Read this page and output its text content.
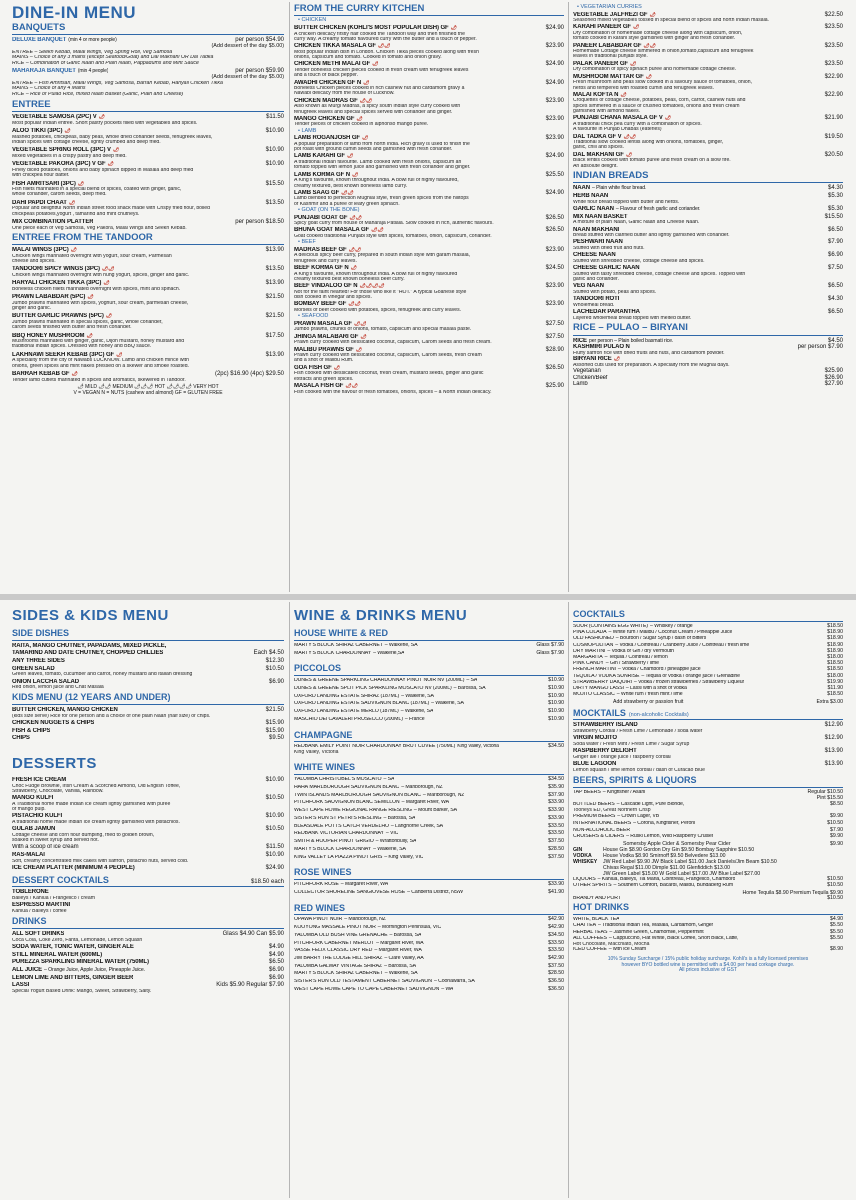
DINE-IN MENU
BANQUETS
DELUXE BANQUET (min 4 or more people)	per person $54.90
(Add dessert of the day $5.00)
ENTRÉE – Seekh Kebab, Malai Wings, Veg Spring Roll, Veg Samosa
MAINS – Choice of any 3 mains (except Seafood/Goat) and Dal Makhani OR Dal Tadka
RICE – Combination of Garlic Naan and Plain Naan, Pappadums and Mint Sauce
MAHARAJA BANQUET (min 4 people)	per person $59.90
(Add dessert of the day $5.00)
ENTRÉE – Fish Amritsari, Malai Wings, Veg Samosa, Barrah Kebab, Hariyali Chicken Tikka
MAINS – Choice of any 4 Mains
RICE – Rice or Pulao Rice, mixed Naan Basket (Garlic, Plain and Cheese)
ENTREE
VEGETABLE SAMOSA (2PC) V 🌶	$11.50
Most popular Indian entrée. Short pastry pockets filled with vegetables and spices.
ALOO TIKKI (3PC) 🌶	$10.90
Mashed potatoes, chickpeas, baby peas, whole dried coriander seeds, fenugreek leaves,
Indian spices with cottage cheese, lightly crumbed and deep fried.
VEGETABLE SPRING ROLL (3PC) V 🌶	$10.90
Mixed vegetables in a crispy pastry and deep fried.
VEGETABLE PAKORA (3PC) V GF 🌶	$10.90
Finely diced potatoes, onions and baby spinach dipped in Masala and deep fried
with chickpea flour batter.
FISH AMRITSARI (3PC) 🌶	$15.50
Fish fillets marinated in a special blend of spices, coated with ginger, garlic,
whole coriander, carom seeds, deep fried.
DAHI PAPDI CHAAT 🌶	$13.50
Popular and delightful North Indian street food snack made with Crispy fried flour, boiled
chickpeas potatoes,yogurt , tamarind and mint chutneys.
MIX COMBINATION PLATTER	per person $18.50
One piece each of Veg Samosa, Veg Pakora, Malai Wings and Seekh Kebab.
ENTREE FROM THE TANDOOR
MALAI WINGS (3PC) 🌶	$13.90
Chicken wings marinated overnight with yogurt, sour cream, Parmesan
cheese and spices.
TANDOORI SPICY WINGS (3PC) 🌶🌶	$13.50
Chicken wings marinated overnight with hung yogurt, spices, ginger and garlic.
HARYALI CHICKEN TIKKA (3PC) 🌶	$13.90
Boneless chicken fillets marinated overnight with spices, mint and spinach.
PRAWN LABABDAR (5PC) 🌶	$21.50
Jumbo prawns marinated with spices, yoghurt, sour cream, parmesan cheese,
ginger and garlic.
BUTTER GARLIC PRAWNS (5PC) 🌶	$21.50
Jumbo prawns marinated in special spices, garlic, whole coriander,
carom seeds finished with butter and fresh coriander.
BBQ HONEY MUSHROOM 🌶	$17.50
Mushrooms marinated with ginger, garlic, Dijon mustard, honey mustard and
traditional Indian spices. Dressed with honey and BBQ sauce.
LAKHNAWI SEEKH KEBAB (3PC) GF 🌶	$13.90
A speciality from the city of Nawabs LUCKNOW. Lamb and chicken mince with
onions, green spices and mint flakes pressed on a skewer and smoke roasted.
BARRAH KEBAB GF 🌶	(2pc) $16.90 (4pc) $29.50
Tender lamb cutlets marinated in spices and aromatics, skewered in Tandoor.
🌶 MILD 🌶🌶 MEDIUM 🌶🌶🌶 HOT 🌶🌶🌶🌶 VERY HOT
V = VEGAN N = NUTS (cashew and almond) GF = GLUTEN FREE
FROM THE CURRY KITCHEN
• CHICKEN
BUTTER CHICKEN (KOHLI'S MOST POPULAR DISH) GF 🌶	$24.90
A chicken delicacy firstly half cooked the Tandoori way and then finished the
curry way. A creamy tomato flavoured curry with the butter and a touch of pepper.
CHICKEN TIKKA MASALA GF 🌶🌶	$23.90
Most popular Indian dish in London. Chicken Tikka pieces cooked along with fresh
onions, capsicum and tomato. Cooked in tomato and onion gravy.
CHICKEN METHI MALAI GF 🌶	$24.90
Tender boneless chicken pieces cooked in fresh cream with fenugreek leaves
and a touch of black pepper.
AWADHI CHICKEN GF N 🌶	$24.90
Boneless Chicken pieces cooked in rich cashew nut and cardamom gravy a
Nawabi delicacy from the house of Lucknow.
CHICKEN MADRAS GF 🌶🌶	$23.90
Also known as Murgi Madras, a spicy south Indian style curry cooked with
fenugreek leaves and special spices served with coriander and ginger.
MANGO CHICKEN GF 🌶	$23.90
Tender pieces of chicken cooked in alphonso mango purée.
• LAMB
LAMB ROGANJOSH GF 🌶	$23.90
A popular preparation of lamb from north India. Rich gravy is used to finish the
pot roast with ground cumin seeds and garnished with fresh coriander.
LAMB KARAHI GF 🌶	$24.90
A traditional Indian favourite. Lamb cooked with fresh onions, capsicum an
tomato topped with lemon juice and garnished with fresh coriander and ginger.
LAMB KORMA GF N 🌶	$25.50
A King's favourite, known throughout India. A bowl full of highly flavoured,
creamy textured, best known boneless lamb curry.
LAMB SAAG GF 🌶🌶	$24.90
Lamb blended to perfection Mughlai style, fresh green spices from the hilltops
of Kashmir and a purée of leafy green spinach.
• GOAT (ON THE BONE)
PUNJABI GOAT GF 🌶🌶	$26.50
Spicy goat curry from house of Maharaja Patiala. Slow cooked in rich, authentic flavours.
BHUNA GOAT MASALA GF 🌶🌶	$26.50
Goat cooked traditional Punjabi style with spices, tomatoes, onion, capsicum, coriander.
• BEEF
MADRAS BEEF GF 🌶🌶	$23.90
A delicious spicy beef curry, prepared in south indian style with garam masala,
fenugreek and curry leaves.
BEEF KORMA GF N 🌶	$24.50
A King's favourite, known throughout India. A bowl full of highly flavoured
creamy textured best known boneless beef curry.
BEEF VINDALOO GF N 🌶🌶🌶🌶	$23.90
Not for the faint hearted! For those who like it "HOT." A typical Goanese style
dish cooked in vinegar and spices.
BOMBAY BEEF GF 🌶🌶	$23.90
Morsels of beef cooked with potatoes, spices, fenugreek and curry leaves.
• SEAFOOD
PRAWN MASALA GF 🌶🌶	$27.50
Jumbo prawns, chunks of onions, tomato, capsicum and special masala paste.
JHINGA MALABARI GF 🌶	$27.50
Prawn curry cooked with dessicated coconut, capsicum, Carom seeds and fresh cream.
MALIBU PRAWNS GF 🌶	$28.90
Prawn curry cooked with dessicated coconut, capsicum, Carom seeds, fresh cream
and a shot of Malibu Rum.
GOA FISH GF 🌶	$26.50
Fish cooked with dessicated coconut, fresh cream, mustard seeds, ginger and garlic
extracts and green spices.
MASALA FISH GF 🌶🌶	$25.90
Fish cooked with the flavour of fresh tomatoes, onions, spices – a North Indian delicacy.
• VEGETARIAN CURRIES
VEGETABLE JALFREZI GF 🌶	$22.50
Seasoned mixed vegetables tossed in special blend of spices and north Indian masala.
KARAHI PANEER GF 🌶	$23.50
Dry combination of homemade cottage cheese along with capsicum, onion,
tomato cooked in karahi style garnished with ginger and fresh coriander.
PANEER LABABDAR GF 🌶🌶	$23.50
Homemade Cottage cheese simmered in onion,tomato,capsicum and fenugreek
leaves in traditional punjabi style.
PALAK PANEER GF 🌶	$23.50
Dry combination of spicy spinach puree and homemade cottage cheese.
MUSHROOM MATTAR GF 🌶	$22.90
Fresh mushroom and peas slow cooked in a savoury sauce of tomatoes, onion,
herbs and tempered with roasted cumin and fenugreek leaves.
MALAI KOFTA N 🌶	$22.90
Croquettes of cottage cheese, potatoes, peas, corn, carrot, cashew nuts and
spices simmered in a sauce of crushed tomatoes, onions and fresh cream
garnished with almond flakes.
PUNJABI CHANA MASALA GF V 🌶	$21.90
A traditional chick pea curry with a combination of spices.
A favourite in Punjab Dhabas (eateries)
DAL TADKA GF V 🌶🌶	$19.50
Traditional slow cooked lentils along with onions, tomatoes, ginger,
garlic, chili and spices.
DAL MAKHANI GF 🌶	$20.50
Black lentils cooked with tomato purée and fresh cream on a slow fire.
An absolute delight.
INDIAN BREADS
NAAN – Plain white flour bread.	$4.30
HERB NAAN	$5.30
White flour bread topped with butter and herbs.
GARLIC NAAN – Flavour of fresh garlic and coriander.	$5.30
MIX NAAN BASKET	$15.50
A mixture of plain Naan, Garlic Naan and Cheese Naan.
NAAN MAKHANI	$6.50
Bread stuffed with clarified butter and lightly garnished with coriander.
PESHWARI NAAN	$7.90
Stuffed with dried fruit and nuts.
CHEESE NAAN	$6.90
Stuffed with shredded cheese, cottage cheese and spices.
CHEESE GARLIC NAAN	$7.50
Stuffed with tasty shredded cheese, cottage cheese and spices. Topped with
garlic and coriander.
VEG NAAN	$6.50
Stuffed with potato, peas and spices.
TANDOORI ROTI	$4.30
Wholemeal bread.
LACHEDAR PARANTHA	$6.50
Layered wholemeal bread topped with melted butter.
RICE – PULAO – BIRYANI
RICE per person – Plain boiled basmati rice.	$4.50
KASHMIRI PULAO N	per person $7.90
Fluffy saffron rice with dried fruits and nuts, and cardamom powder.
BIRYANI RICE 🌶
Assorted cuts used for preparation. A specialty from the Mughal days.
Vegetarian	$25.90
Chicken/Beef	$26.90
Lamb	$27.90
SIDES & KIDS MENU
SIDE DISHES
RAITA, MANGO CHUTNEY, PAPADAMS, MIXED PICKLE,
TAMARIND AND DATE CHUTNEY, CHOPPED CHILLIES	Each $4.50
ANY THREE SIDES	$12.30
GREEN SALAD	$10.50
Green leaves, tomato, cucumber and carrot, honey mustard and Italian dressing
ONION LACCHA SALAD	$6.90
Red onion, lemon juice and Chat Masala
KIDS MENU (12 YEARS AND UNDER)
BUTTER CHICKEN, MANGO CHICKEN	$21.50
(kids size serve) Rice for one person and a choice of one plain Naan (half size) or chips.
CHICKEN NUGGETS & CHIPS	$15.90
FISH & CHIPS	$15.90
CHIPS	$9.50
DESSERTS
FRESH ICE CREAM	$10.90
Choc Fudge Brownie, Irish Cream & Scorched Almond, Old English Toffee,
Strawberry, Chocolate, Vanilla, Rainbow.
MANGO KULFI	$10.50
A Traditional home made Indian ice cream lightly garnished with puree
of mango pulp.
PISTACHIO KULFI	$10.90
A traditional home made Indian ice cream lightly garnished with pistachios.
GULAB JAMUN	$10.50
Cottage cheese and corn flour dumpling, fried to golden brown,
soaked in sweet syrup and served hot.
With a scoop of ice cream	$11.50
RAS-MALAI	$10.90
Soft, creamy concentrated milk cakes with saffron, pistachio nuts, served cold.
ICE CREAM PLATTER (MINIMUM 4 PEOPLE)	$24.90
DESSERT COCKTAILS	$18.50 each
TOBLERONE
Baileys / Kahlua / Frangelico / cream
ESPRESSO MARTINI
Kahlua / Baileys / coffee
DRINKS
ALL SOFT DRINKS	Glass $4.90 Can $5.90
Coca Cola, Coke Zero, Fanta, Lemonade, Lemon Squash
SODA WATER, TONIC WATER, GINGER ALE	$4.90
STILL MINERAL WATER (600ML)	$4.90
PUREZZA SPARKLING MINERAL WATER (750ML)	$6.50
ALL JUICE – Orange Juice, Apple Juice, Pineapple Juice.	$6.90
LEMON LIME AND BITTERS, GINGER BEER	$6.90
LASSI	Kids $5.90 Regular $7.90
Special Yogurt Based Drink: Mango, Sweet, Strawberry, Salty.
WINE & DRINKS MENU
HOUSE WHITE & RED
MARTY'S BLOCK SHIRAZ CABERNET – Waikerie, SA	Glass $7.90
MARTY'S BLOCK CHARDONNAY – Waikerie,SA	Glass $7.90
PICCOLOS
DUNES & GREENE SPARKLING CHARDONNAY PINOT NOIR NV (200ML) – SA	$10.90
DUNES & GREENE SPLIT PICK SPARKLING MOSCATO NV (200ML) – Barossa, SA	$10.90
OXFORD LANDING ESTATE SHIRAZ (187ML) – Waikerie, SA	$10.90
OXFORD LANDING ESTATE SAUVIGNON BLANC (187ML) – Waikerie, SA	$10.90
OXFORD LANDING ESTATE MERLO (187ML) – Waikerie, SA	$10.90
MASCHIO DEI CAVALERI PROSECCO (200ML) – France	$10.90
CHAMPAGNE
REDBANK EMILY POINT NOIR CHARDONNAY BRUT CUVÉE (750ML) King Valley, Victoria	$34.50
King Valley, Victoria
WHITE WINES
YALUMBA CHRISTOBEL'S MOSCATO – SA	$34.50
HĀHĀ MARLBOROUGH SAUVIGNON BLANC – Marlborough, NZ	$35.90
TWIN ISLANDS MARLBOROUGH SAUVIGNON BLANC – Marlborough, NZ	$37.90
PITCHFORK SAUVIGNON BLANC SEMILLON – Margaret River, WA	$33.90
WEST CAPE HOWE REGIONAL RANGE RIESLING – Mount Barker, SA	$33.90
SISTER'S RUN ST PETRI'S RIESLING – Barossa, SA	$33.90
BLEASDALE POTTS CATCH VERDELHO – Langhorne Creek, SA	$33.50
REDBANK VICTORIAN CHARDONNAY – VIC	$33.50
SMITH & HOOPER PINOT GRIGIO – Wrattonbully, SA	$37.50
MARTY'S BLOCK CHARDONNAY – Waikerie, SA	$28.50
KING VALLEY LA PIAZZA PINOT GRIS – King Valley, VIC	$37.50
ROSE WINES
PITCHFORK ROSÉ – Margaret River, WA	$33.90
COLLECTOR SHORELINE SANGIOVESE ROSÉ – Canberra District, NSW	$41.90
RED WINES
OPAWA PINOT NOIR – Marlborough, NZ	$42.90
KOOYONG MASSALE PINOT NOIR – Mornington Peninsula, VIC	$42.90
YALUMBA OLD BUSH VINE GRENACHE – Barossa, SA	$34.50
PITCHFORK CABERNET MERLOT – Margaret River, WA	$33.50
VASSE FELIX CLASSIC DRY RED – Margaret River, WA	$33.50
JIM BARRY THE LODGE HILL SHIRAZ – Clare Valley, AA	$42.90
YALUMBA GALWAY VINTAGE SHIRAZ – Barossa, SA	$37.50
MARTY'S BLOCK SHIRAZ CABERNET – Waikerie, SA	$28.50
SISTER'S RUN OLD TESTAMENT CABERNET SAUVIGNON – Coonawarra, SA	$36.50
WEST CAPE HOWE CAPE TO CAPE CABERNET SAUVIGNON – WA	$36.50
COCKTAILS
SOUR (CONTAINS EGG WHITE) – Whiskey / orange	$18.50
PIÑA COLADA – White rum / Malibu / Coconut Cream / Pineapple Juice	$18.90
OLD FASHIONED – Bourbon / Sugar Syrup / dash of Bitters	$18.90
COSMOPOLITAN – Vodka / Cointreau / Cranberry Juice / Cointreau / fresh lime	$18.90
DRY MARTINI – Vodka or Gin / dry Vermouth	$18.90
MARGARITA – Tequila / Cointreau / lemon	$18.00
PINK CANDY – Gin / Strawberry / lime	$18.50
FRENCH MARTINI – Vodka / Chambord / pineapple juice	$18.50
TEQUILA / VODKA SUNRISE – Tequila or vodka / orange juice / Grenadine	$18.00
STRAWBERRY DAIQUIRI – Vodka / frozen strawberries / Strawberry Liqueur	$19.90
DIRTY MANGO LASSI – Lassi with a shot of vodka	$11.90
MOJITO CLASSIC – White rum / fresh mint / lime	$18.50
Add strawberry or passion fruit	Extra $3.00
MOCKTAILS (non-alcoholic Cocktails)
STRAWBERRY ISLAND	$12.90
Strawberry Cordial / Fresh Lime / Lemonade / soda water
VIRGIN MOJITO	$12.90
Soda water / Fresh Mint / Fresh Lime / Sugar Syrup
RASPBERRY DELIGHT	$13.90
Ginger ale / orange juice / raspberry cordial
BLUE LAGOON	$13.90
Lemon squash / lime lemon cordial / dash of Curacao Blue
BEERS, SPIRITS & LIQUORS
TAP BEERS – Kingfisher / Asahi	Regular $10.50
Pint $15.50
BOTTLED BEERS – Cascade Light, Pure Blonde,	$8.50
Tooheys ED, Great Northern Crisp
PREMIUM BEERS – Crown Lager, VB	$9.90
INTERNATIONAL BEERS – Corona, Kingfisher, Peroni	$10.50
NON-ALCOHOLIC BEER	$7.90
CRUISERS & CIDERS – Ruski Lemon, Wild Raspberry Cruiser	$9.90
Somersby Apple Cider & Somersby Pear Cider	$9.90
GIN	House Gin $8.90 Gordon Dry Gin $9.50 Bombay Sapphire $10.50
VODKA	House Vodka $8.90 Smirnoff $9.50 Belvedere $13.00
WHISKEY	JW Red Label $9.90 JW Black Label $11.00 Jack Daniels/Jim Beam $10.50
Chivas Regal $11.00 Dimple $11.00 Glenfiddich $13.00
JW Green Label $15.00 W Gold Label $17.00 JW Blue Label $27.00
LIQUORS – Kahlua, Baileys, Tia Maria, Cointreau, Frangelico, Chambord	$10.50
OTHER SPIRITS – Southern Comfort, Bacardi, Malibu, Bundaberg Rum	$10.50
Home Tequila $8.90 Premium Tequila $9.90
BRANDY AND PORT	$10.50
HOT DRINKS
WHITE, BLACK TEA	$4.90
CHAI TEA – Traditional Indian Tea, Masala, Cardamom, Ginger	$5.50
HERBAL TEAS – Jasmine Green, Chamomile, Peppermint	$5.50
ALL COFFEES – Cappuccino, Flat White, Black Coffee, Short Black, Latte,	$5.50
Hot Chocolate, Macchiato, Mocha
ICED COFFEE – with Ice Cream	$8.90
10% Sunday Surcharge / 15% public holiday surcharge. Kohli's is a fully licensed premises
however BYO bottled wine is permitted with a $4.00 per head corkage charge.
All prices inclusive of GST
